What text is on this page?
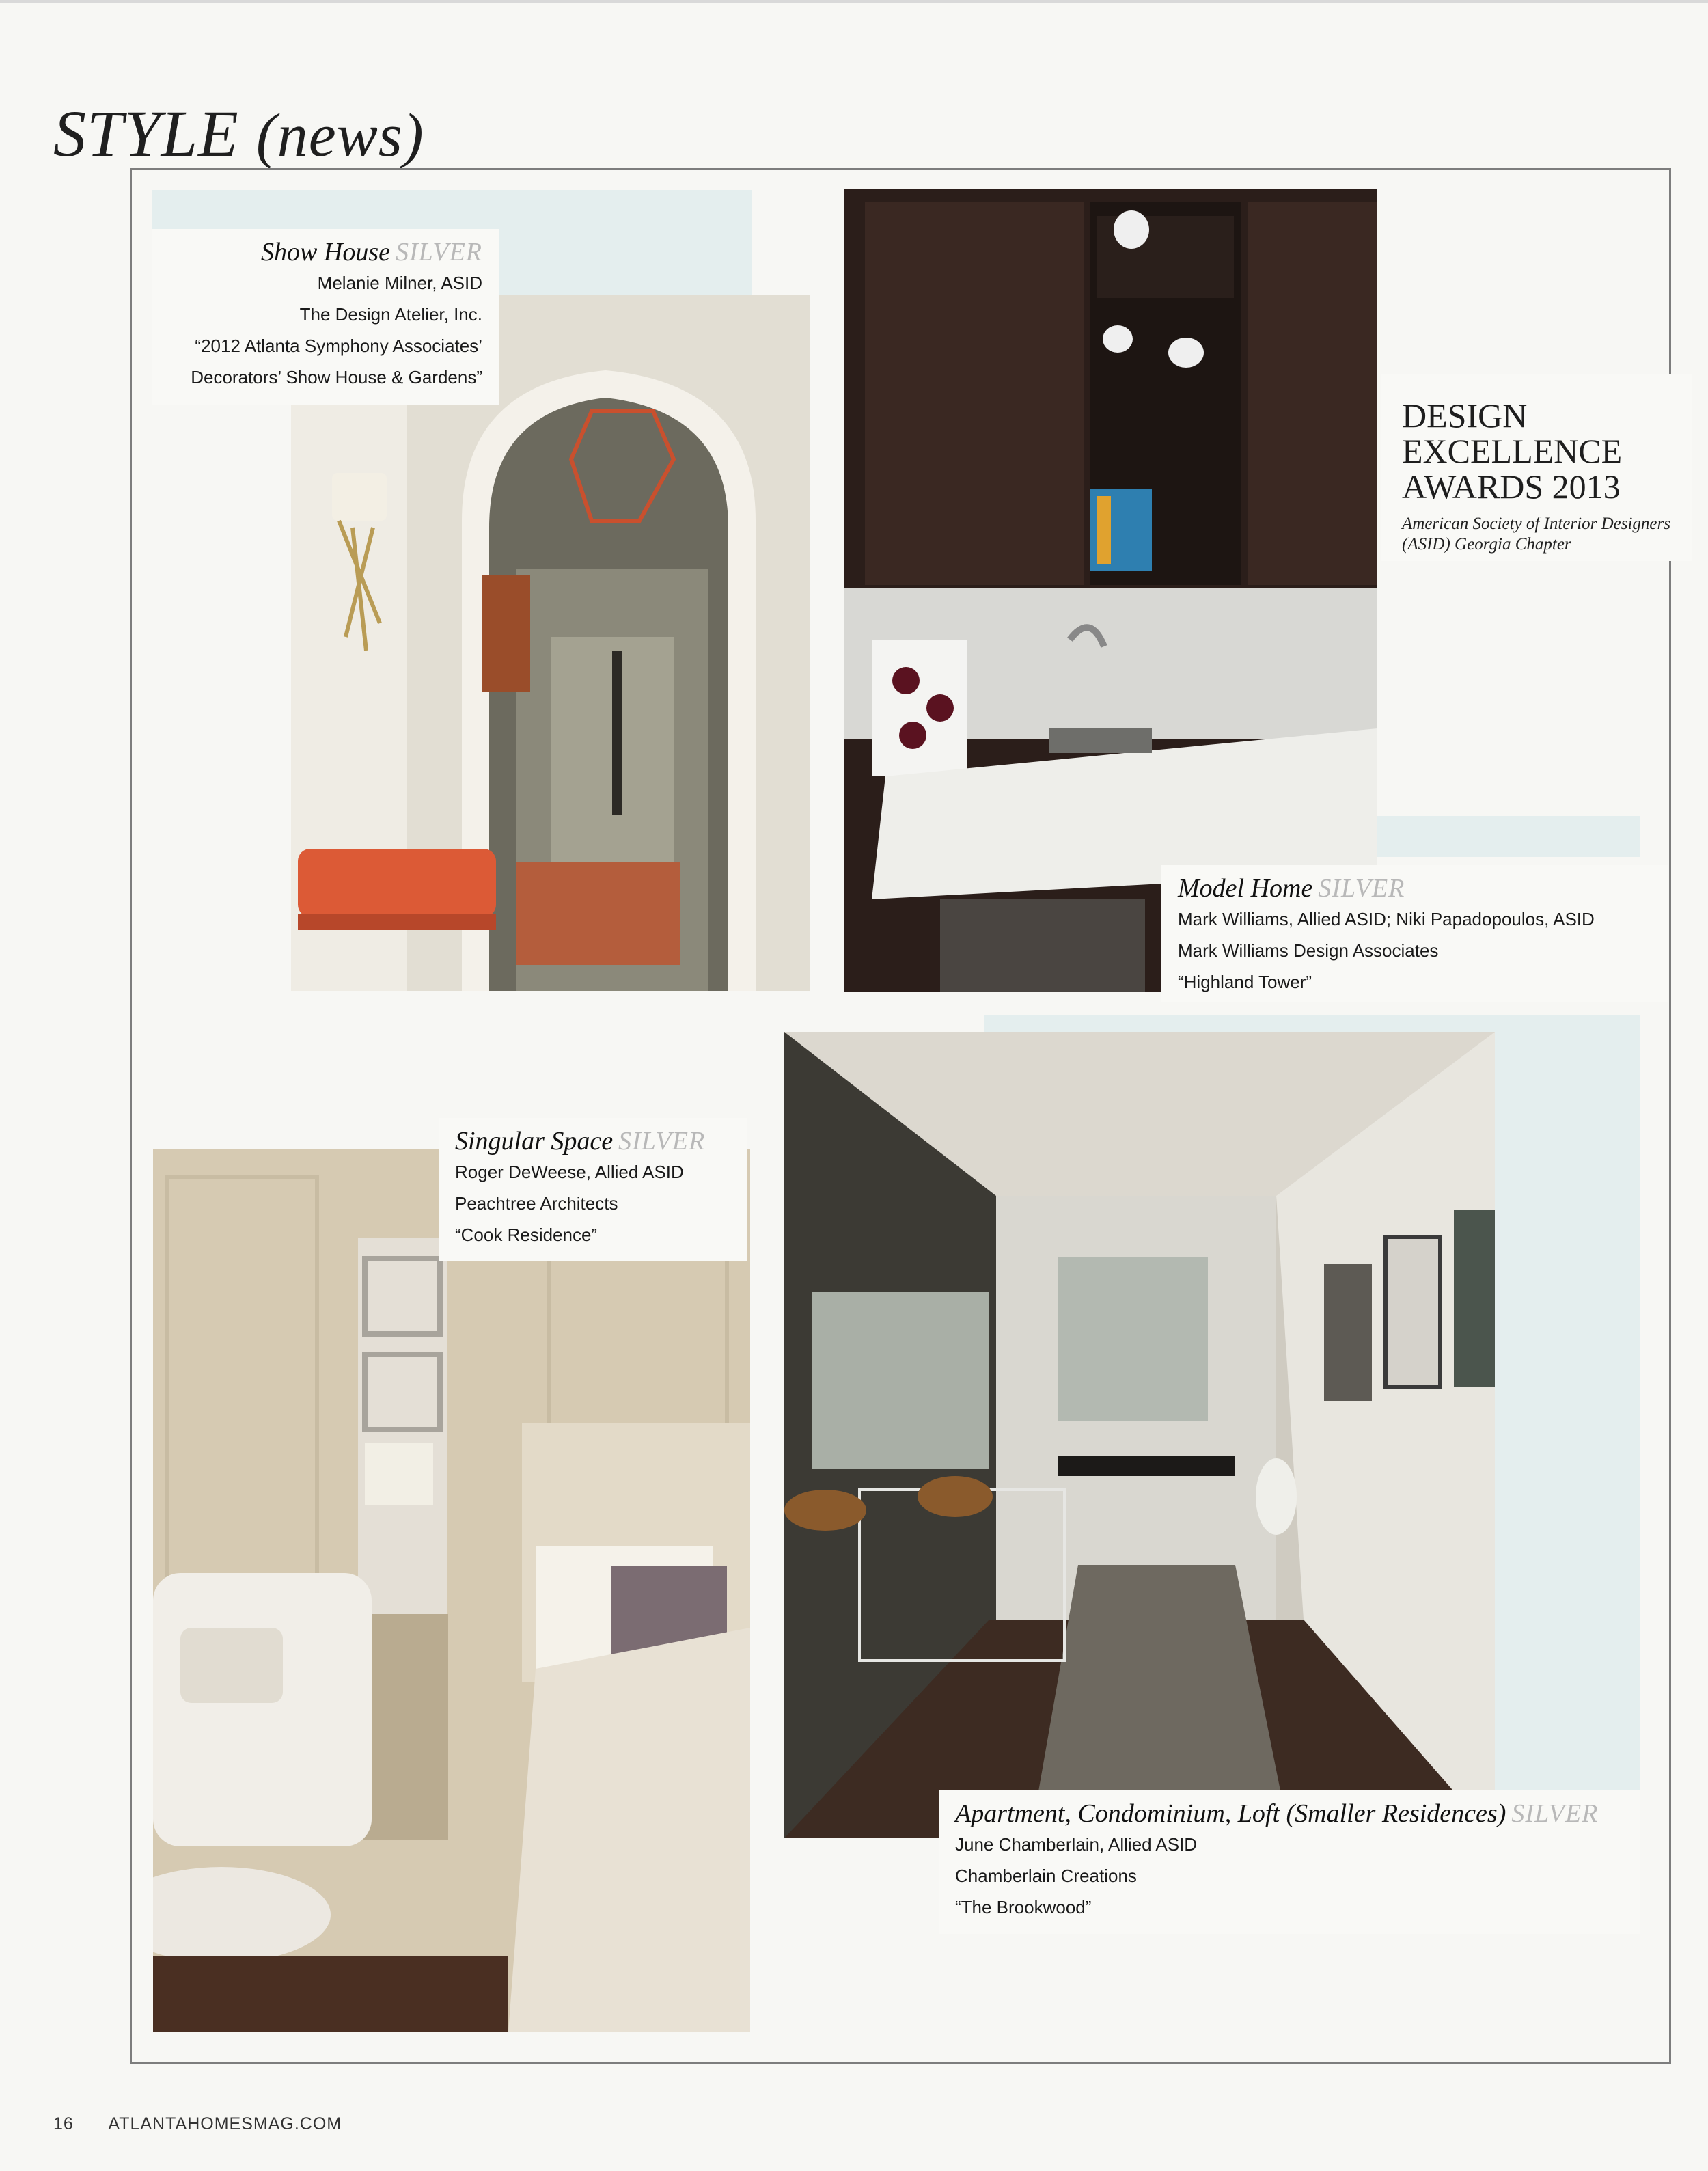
STYLE (news)
Show House SILVER
Melanie Milner, ASID
The Design Atelier, Inc.
“2012 Atlanta Symphony Associates’
Decorators’ Show House & Gardens”
DESIGN
EXCELLENCE
AWARDS 2013
American Society of Interior Designers
(ASID) Georgia Chapter
Model Home SILVER
Mark Williams, Allied ASID; Niki Papadopoulos, ASID
Mark Williams Design Associates
“Highland Tower”
Singular Space SILVER
Roger DeWeese, Allied ASID
Peachtree Architects
“Cook Residence”
Apartment, Condominium, Loft (Smaller Residences) SILVER
June Chamberlain, Allied ASID
Chamberlain Creations
“The Brookwood”
16 ATLANTAHOMESMAG.COM
